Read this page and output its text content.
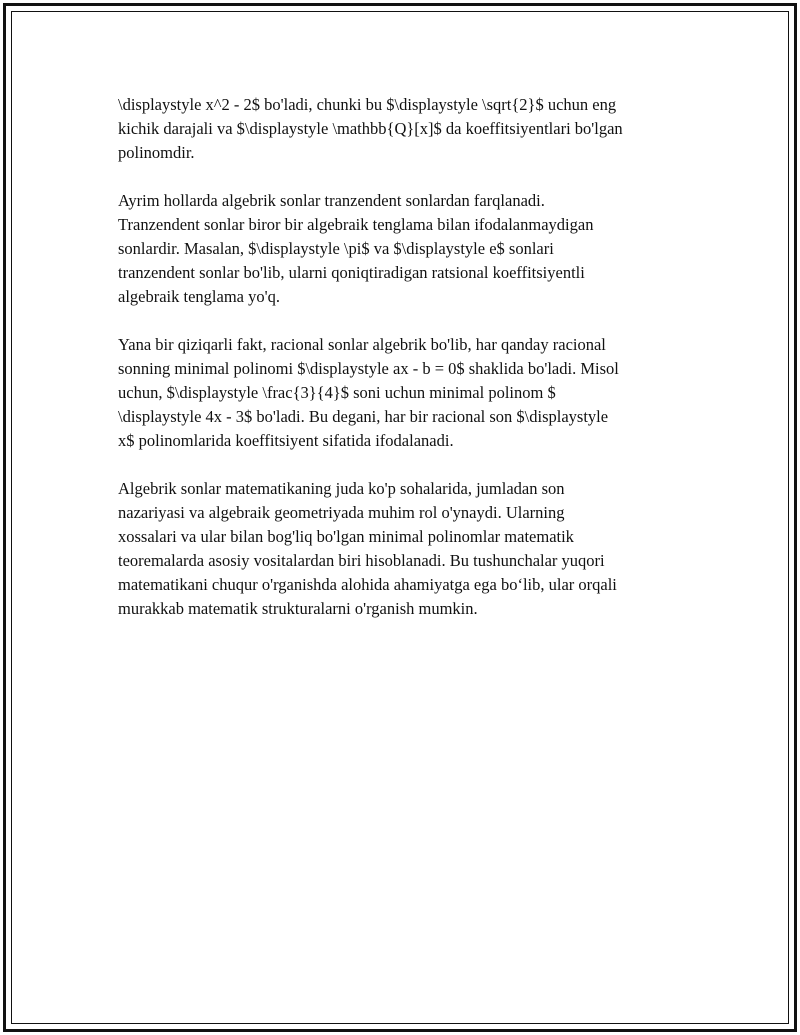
\displaystyle x^2 - 2$ bo'ladi, chunki bu $\displaystyle \sqrt{2}$ uchun eng
kichik darajali va $\displaystyle \mathbb{Q}[x]$ da koeffitsiyentlari bo'lgan
polinomdir.

Ayrim hollarda algebrik sonlar tranzendent sonlardan farqlanadi.
Tranzendent sonlar biror bir algebraik tenglama bilan ifodalanmaydigan
sonlardir. Masalan, $\displaystyle \pi$ va $\displaystyle e$ sonlari
tranzendent sonlar bo'lib, ularni qoniqtiradigan ratsional koeffitsiyentli
algebraik tenglama yo'q.

Yana bir qiziqarli fakt, racional sonlar algebrik bo'lib, har qanday racional
sonning minimal polinomi $\displaystyle ax - b = 0$ shaklida bo'ladi. Misol
uchun, $\displaystyle \frac{3}{4}$ soni uchun minimal polinom $
\displaystyle 4x - 3$ bo'ladi. Bu degani, har bir racional son $\displaystyle
x$ polinomlarida koeffitsiyent sifatida ifodalanadi.

Algebrik sonlar matematikaning juda ko'p sohalarida, jumladan son
nazariyasi va algebraik geometriyada muhim rol o'ynaydi. Ularning
xossalari va ular bilan bog'liq bo'lgan minimal polinomlar matematik
teoremalarda asosiy vositalardan biri hisoblanadi. Bu tushunchalar yuqori
matematikani chuqur o'rganishda alohida ahamiyatga ega bo‘lib, ular orqali
murakkab matematik strukturalarni o'rganish mumkin.
